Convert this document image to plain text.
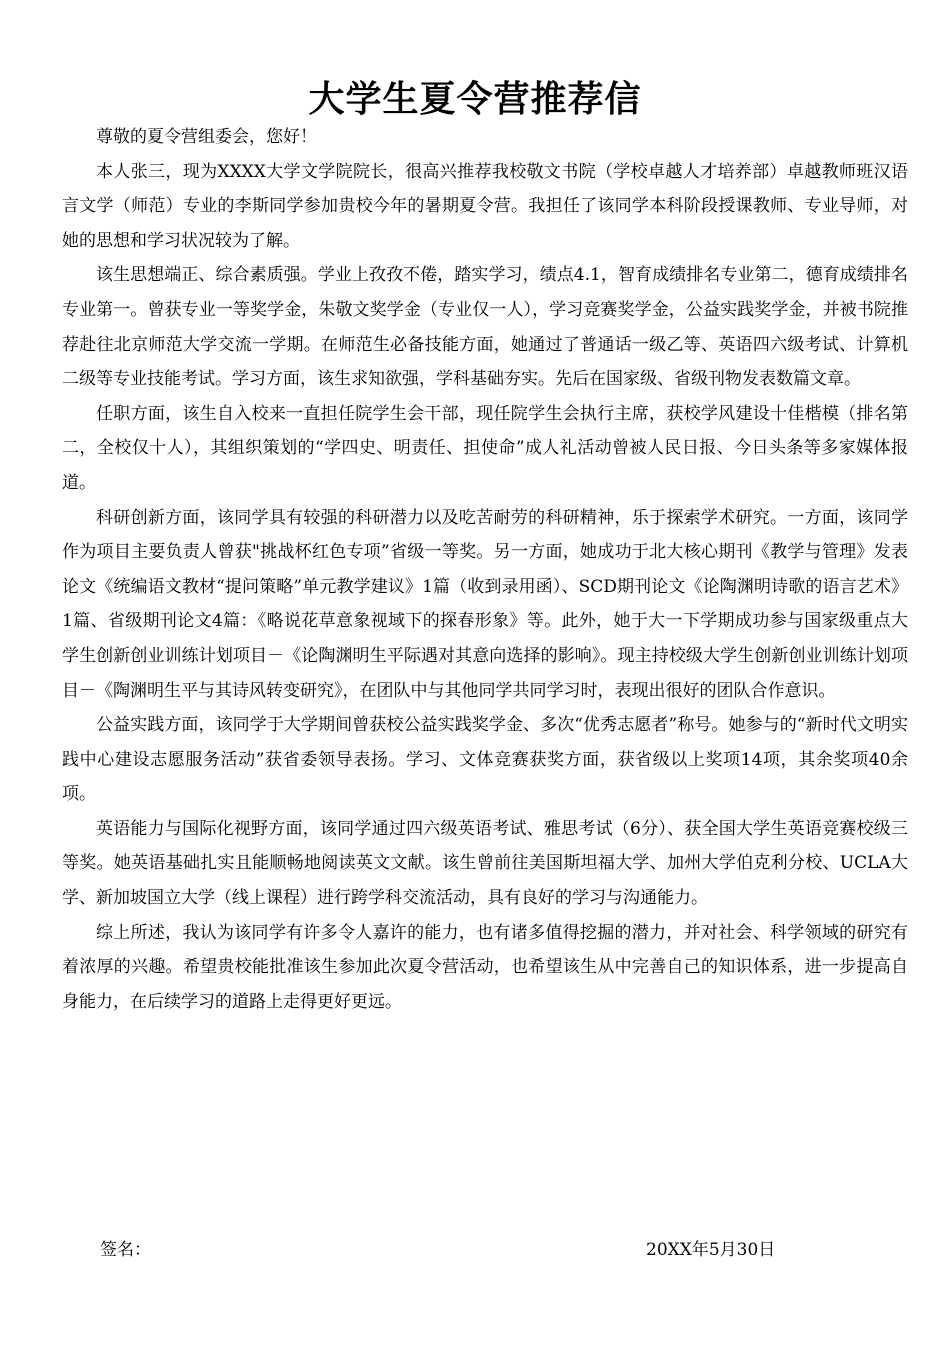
大学生夏令营推荐信

尊敬的夏令营组委会，您好！

本人张三，现为XXXX大学文学院院长，很高兴推荐我校敬文书院（学校卓越人才培养部）卓越教师班汉语言文学（师范）专业的李斯同学参加贵校今年的暑期夏令营。我担任了该同学本科阶段授课教师、专业导师，对她的思想和学习状况较为了解。

该生思想端正、综合素质强。学业上孜孜不倦，踏实学习，绩点4.1，智育成绩排名专业第二，德育成绩排名专业第一。曾获专业一等奖学金，朱敬文奖学金（专业仅一人），学习竞赛奖学金，公益实践奖学金，并被书院推荐赴往北京师范大学交流一学期。在师范生必备技能方面，她通过了普通话一级乙等、英语四六级考试、计算机二级等专业技能考试。学习方面，该生求知欲强，学科基础夯实。先后在国家级、省级刊物发表数篇文章。

任职方面，该生自入校来一直担任院学生会干部，现任院学生会执行主席，获校学风建设十佳楷模（排名第二，全校仅十人），其组织策划的“学四史、明责任、担使命”成人礼活动曾被人民日报、今日头条等多家媒体报道。

科研创新方面，该同学具有较强的科研潜力以及吃苦耐劳的科研精神，乐于探索学术研究。一方面，该同学作为项目主要负责人曾获"挑战杯红色专项”省级一等奖。另一方面，她成功于北大核心期刊《教学与管理》发表论文《统编语文教材“提问策略”单元教学建议》1篇（收到录用函）、SCD期刊论文《论陶渊明诗歌的语言艺术》1篇、省级期刊论文4篇：《略说花草意象视域下的探春形象》等。此外，她于大一下学期成功参与国家级重点大学生创新创业训练计划项目－《论陶渊明生平际遇对其意向选择的影响》。现主持校级大学生创新创业训练计划项目－《陶渊明生平与其诗风转变研究》，在团队中与其他同学共同学习时，表现出很好的团队合作意识。

公益实践方面，该同学于大学期间曾获校公益实践奖学金、多次“优秀志愿者”称号。她参与的“新时代文明实践中心建设志愿服务活动”获省委领导表扬。学习、文体竞赛获奖方面，获省级以上奖项14项，其余奖项40余项。

英语能力与国际化视野方面，该同学通过四六级英语考试、雅思考试（6分）、获全国大学生英语竞赛校级三等奖。她英语基础扎实且能顺畅地阅读英文文献。该生曾前往美国斯坦福大学、加州大学伯克利分校、UCLA大学、新加坡国立大学（线上课程）进行跨学科交流活动，具有良好的学习与沟通能力。

综上所述，我认为该同学有许多令人嘉许的能力，也有诸多值得挖掘的潜力，并对社会、科学领域的研究有着浓厚的兴趣。希望贵校能批准该生参加此次夏令营活动，也希望该生从中完善自己的知识体系，进一步提高自身能力，在后续学习的道路上走得更好更远。

签名：	20XX年5月30日
